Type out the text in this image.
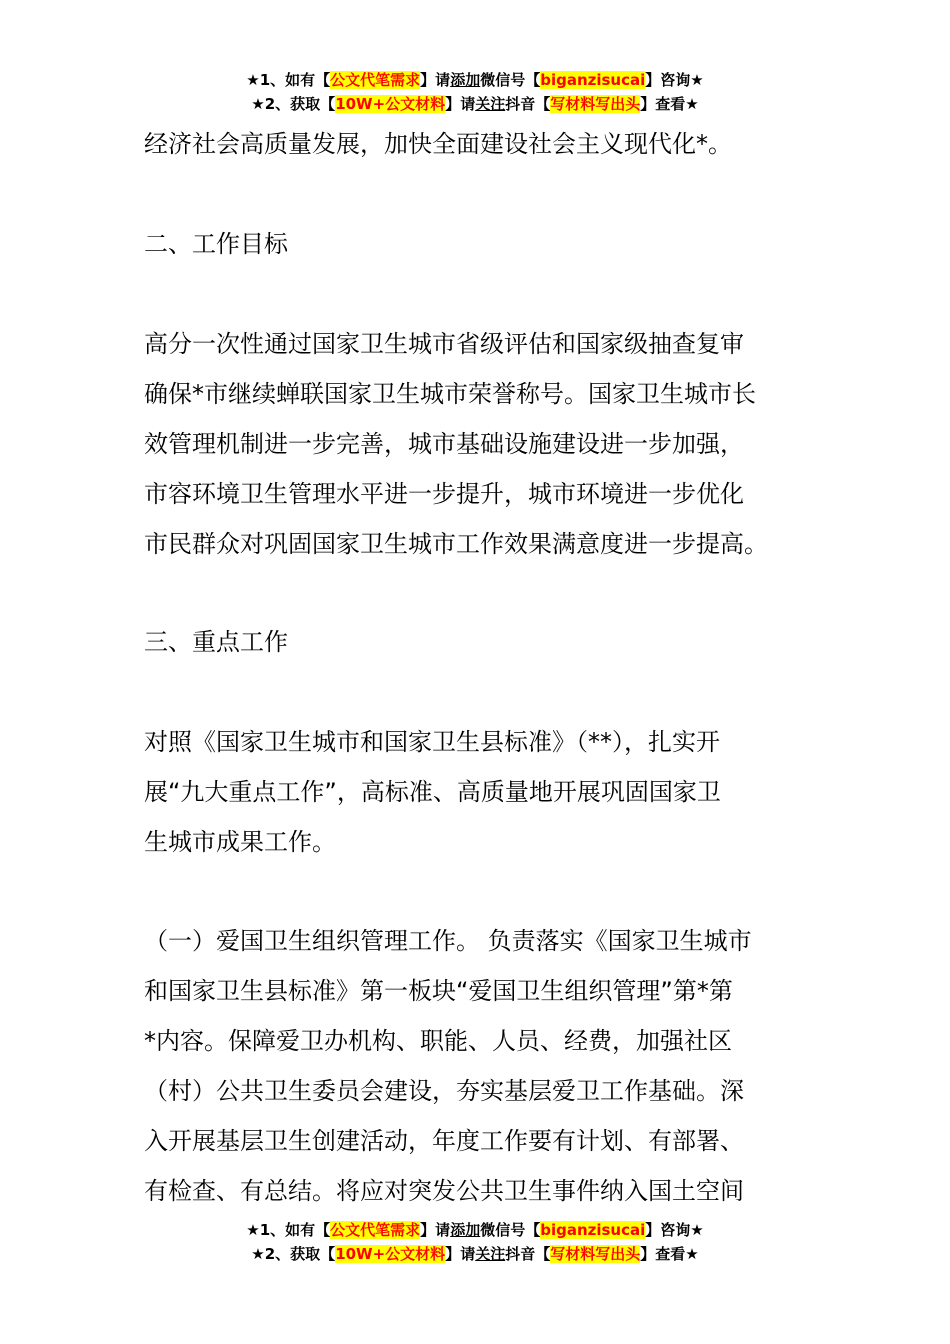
★1、如有【公文代笔需求】请添加微信号【biganzisucai】咨询★
★2、获取【10W+公文材料】请关注抖音【写材料写出头】查看★
经济社会高质量发展，加快全面建设社会主义现代化*。
二、工作目标
高分一次性通过国家卫生城市省级评估和国家级抽查复审
确保*市继续蝉联国家卫生城市荣誉称号。国家卫生城市长
效管理机制进一步完善，城市基础设施建设进一步加强，
市容环境卫生管理水平进一步提升，城市环境进一步优化
市民群众对巩固国家卫生城市工作效果满意度进一步提高。
三、重点工作
对照《国家卫生城市和国家卫生县标准》（**），扎实开
展“九大重点工作”，高标准、高质量地开展巩固国家卫
生城市成果工作。
（一）爱国卫生组织管理工作。 负责落实《国家卫生城市
和国家卫生县标准》第一板块“爱国卫生组织管理”第*第
*内容。保障爱卫办机构、职能、人员、经费，加强社区
（村）公共卫生委员会建设，夯实基层爱卫工作基础。深
入开展基层卫生创建活动，年度工作要有计划、有部署、
有检查、有总结。将应对突发公共卫生事件纳入国土空间
★1、如有【公文代笔需求】请添加微信号【biganzisucai】咨询★
★2、获取【10W+公文材料】请关注抖音【写材料写出头】查看★
